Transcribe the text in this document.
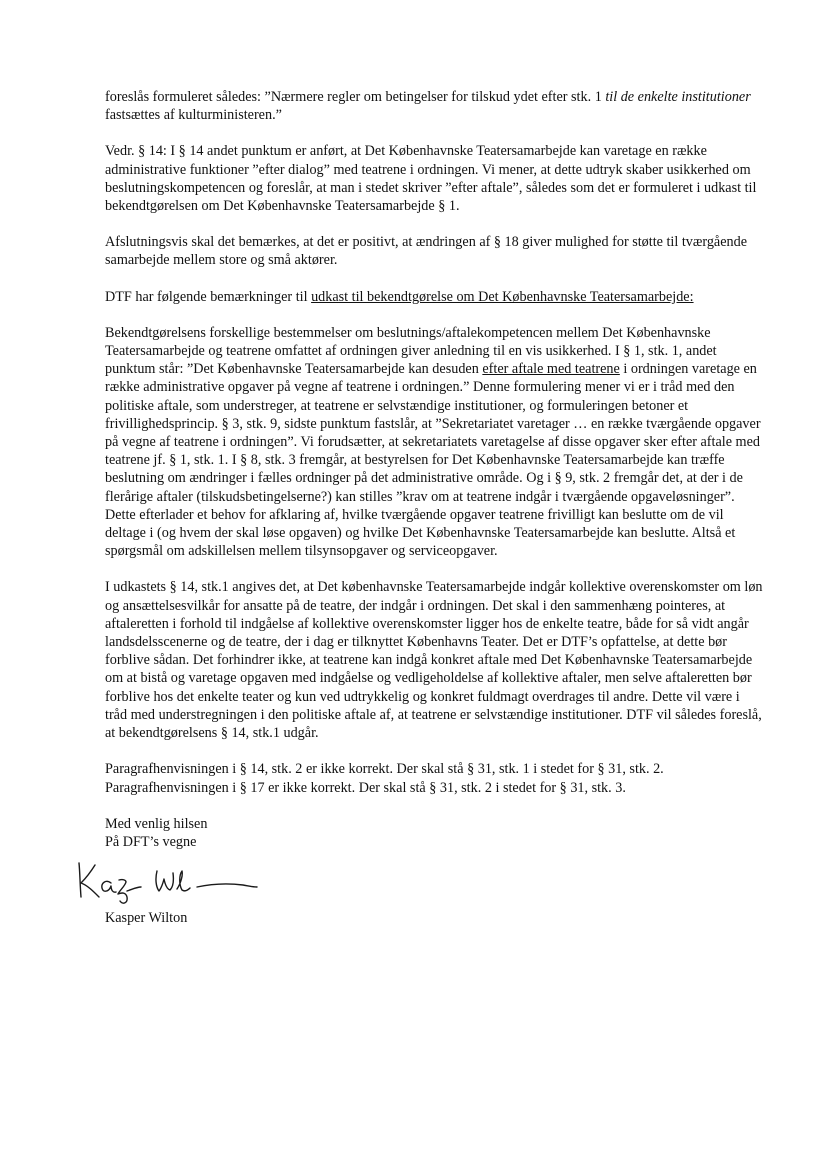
foreslås formuleret således: ”Nærmere regler om betingelser for tilskud ydet efter stk. 1 til de enkelte institutioner fastsættes af kulturministeren.”

Vedr. § 14: I § 14 andet punktum er anført, at Det Københavnske Teatersamarbejde kan varetage en række administrative funktioner ”efter dialog” med teatrene i ordningen. Vi mener, at dette udtryk skaber usikkerhed om beslutningskompetencen og foreslår, at man i stedet skriver ”efter aftale”, således som det er formuleret i udkast til bekendtgørelsen om Det Københavnske Teatersamarbejde § 1.

Afslutningsvis skal det bemærkes, at det er positivt, at ændringen af § 18 giver mulighed for støtte til tværgående samarbejde mellem store og små aktører.

DTF har følgende bemærkninger til udkast til bekendtgørelse om Det Københavnske Teatersamarbejde:

Bekendtgørelsens forskellige bestemmelser om beslutnings/aftalekompetencen mellem Det Københavnske Teatersamarbejde og teatrene omfattet af ordningen giver anledning til en vis usikkerhed. I § 1, stk. 1, andet punktum står: ”Det Københavnske Teatersamarbejde kan desuden efter aftale med teatrene i ordningen varetage en række administrative opgaver på vegne af teatrene i ordningen.” Denne formulering mener vi er i tråd med den politiske aftale, som understreger, at teatrene er selvstændige institutioner, og formuleringen betoner et frivillighedsprincip. § 3, stk. 9, sidste punktum fastslår, at ”Sekretariatet varetager … en række tværgående opgaver på vegne af teatrene i ordningen”. Vi forudsætter, at sekretariatets varetagelse af disse opgaver sker efter aftale med teatrene jf. § 1, stk. 1. I § 8, stk. 3 fremgår, at bestyrelsen for Det Københavnske Teatersamarbejde kan træffe beslutning om ændringer i fælles ordninger på det administrative område. Og i § 9, stk. 2 fremgår det, at der i de flerårige aftaler (tilskudsbetingelserne?) kan stilles ”krav om at teatrene indgår i tværgående opgaveløsninger”. Dette efterlader et behov for afklaring af, hvilke tværgående opgaver teatrene frivilligt kan beslutte om de vil deltage i (og hvem der skal løse opgaven) og hvilke Det Københavnske Teatersamarbejde kan beslutte. Altså et spørgsmål om adskillelsen mellem tilsynsopgaver og serviceopgaver.

I udkastets § 14, stk.1 angives det, at Det københavnske Teatersamarbejde indgår kollektive overenskomster om løn og ansættelsesvilkår for ansatte på de teatre, der indgår i ordningen. Det skal i den sammenhæng pointeres, at aftaleretten i forhold til indgåelse af kollektive overenskomster ligger hos de enkelte teatre, både for så vidt angår landsdelsscenerne og de teatre, der i dag er tilknyttet Københavns Teater. Det er DTF’s opfattelse, at dette bør forblive sådan. Det forhindrer ikke, at teatrene kan indgå konkret aftale med Det Københavnske Teatersamarbejde om at bistå og varetage opgaven med indgåelse og vedligeholdelse af kollektive aftaler, men selve aftaleretten bør forblive hos det enkelte teater og kun ved udtrykkelig og konkret fuldmagt overdrages til andre. Dette vil være i tråd med understregningen i den politiske aftale af, at teatrene er selvstændige institutioner. DTF vil således foreslå, at bekendtgørelsens § 14, stk.1 udgår.

Paragrafhenvisningen i § 14, stk. 2 er ikke korrekt. Der skal stå § 31, stk. 1 i stedet for § 31, stk. 2.
Paragrafhenvisningen i § 17 er ikke korrekt. Der skal stå § 31, stk. 2 i stedet for § 31, stk. 3.

Med venlig hilsen
På DFT’s vegne
Kasper Wilton
